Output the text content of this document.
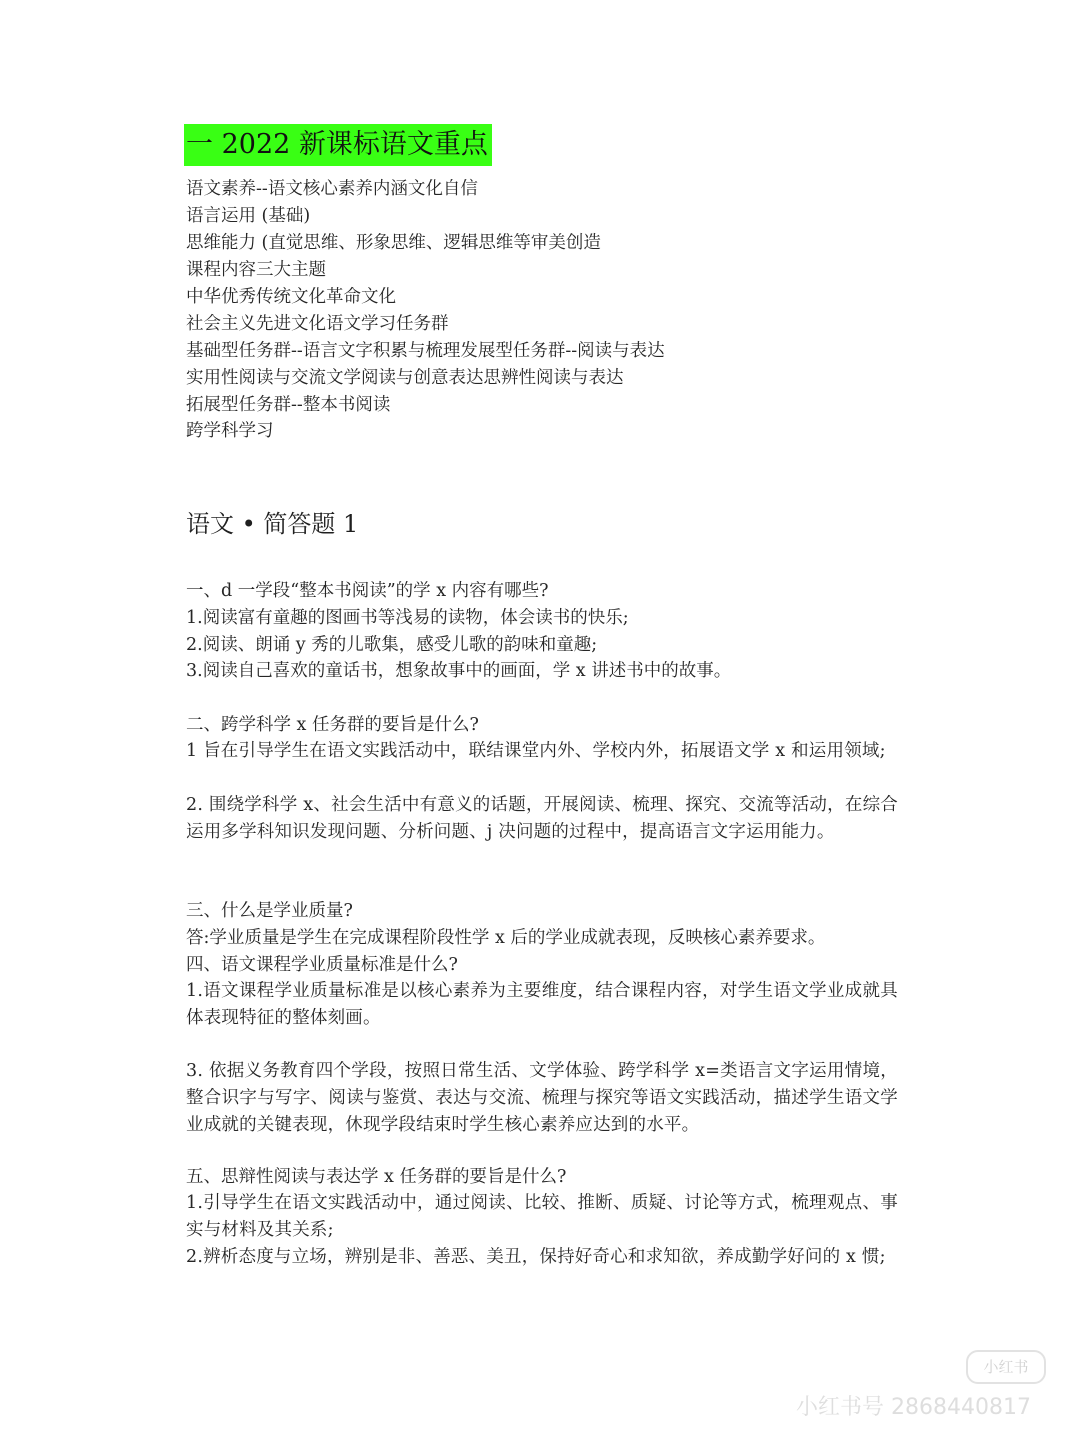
一 2022 新课标语文重点
语文素养--语文核心素养内涵文化自信
语言运用 (基础)
思维能力 (直觉思维、形象思维、逻辑思维等审美创造
课程内容三大主题
中华优秀传统文化革命文化
社会主义先进文化语文学习任务群
基础型任务群--语言文字积累与梳理发展型任务群--阅读与表达
实用性阅读与交流文学阅读与创意表达思辨性阅读与表达
拓展型任务群--整本书阅读
跨学科学习
语文 • 简答题 1
一、d 一学段“整本书阅读”的学 x 内容有哪些?
1.阅读富有童趣的图画书等浅易的读物，体会读书的快乐;
2.阅读、朗诵 y 秀的儿歌集，感受儿歌的韵味和童趣;
3.阅读自己喜欢的童话书，想象故事中的画面，学 x 讲述书中的故事。
二、跨学科学 x 任务群的要旨是什么?
1 旨在引导学生在语文实践活动中，联结课堂内外、学校内外，拓展语文学 x 和运用领域;
2. 围绕学科学 x、社会生活中有意义的话题，开展阅读、梳理、探究、交流等活动，在综合运用多学科知识发现问题、分析问题、j 决问题的过程中，提高语言文字运用能力。
三、什么是学业质量?
答:学业质量是学生在完成课程阶段性学 x 后的学业成就表现，反映核心素养要求。
四、语文课程学业质量标准是什么?
1.语文课程学业质量标准是以核心素养为主要维度，结合课程内容，对学生语文学业成就具体表现特征的整体刻画。
3. 依据义务教育四个学段，按照日常生活、文学体验、跨学科学 x=类语言文字运用情境，整合识字与写字、阅读与鉴赏、表达与交流、梳理与探究等语文实践活动，描述学生语文学业成就的关键表现，休现学段结束时学生核心素养应达到的水平。
五、思辩性阅读与表达学 x 任务群的要旨是什么?
1.引导学生在语文实践活动中，通过阅读、比较、推断、质疑、讨论等方式，梳理观点、事实与材料及其关系;
2.辨析态度与立场，辨别是非、善恶、美丑，保持好奇心和求知欲，养成勤学好问的 x 惯;
小红书
小红书号 2868440817
